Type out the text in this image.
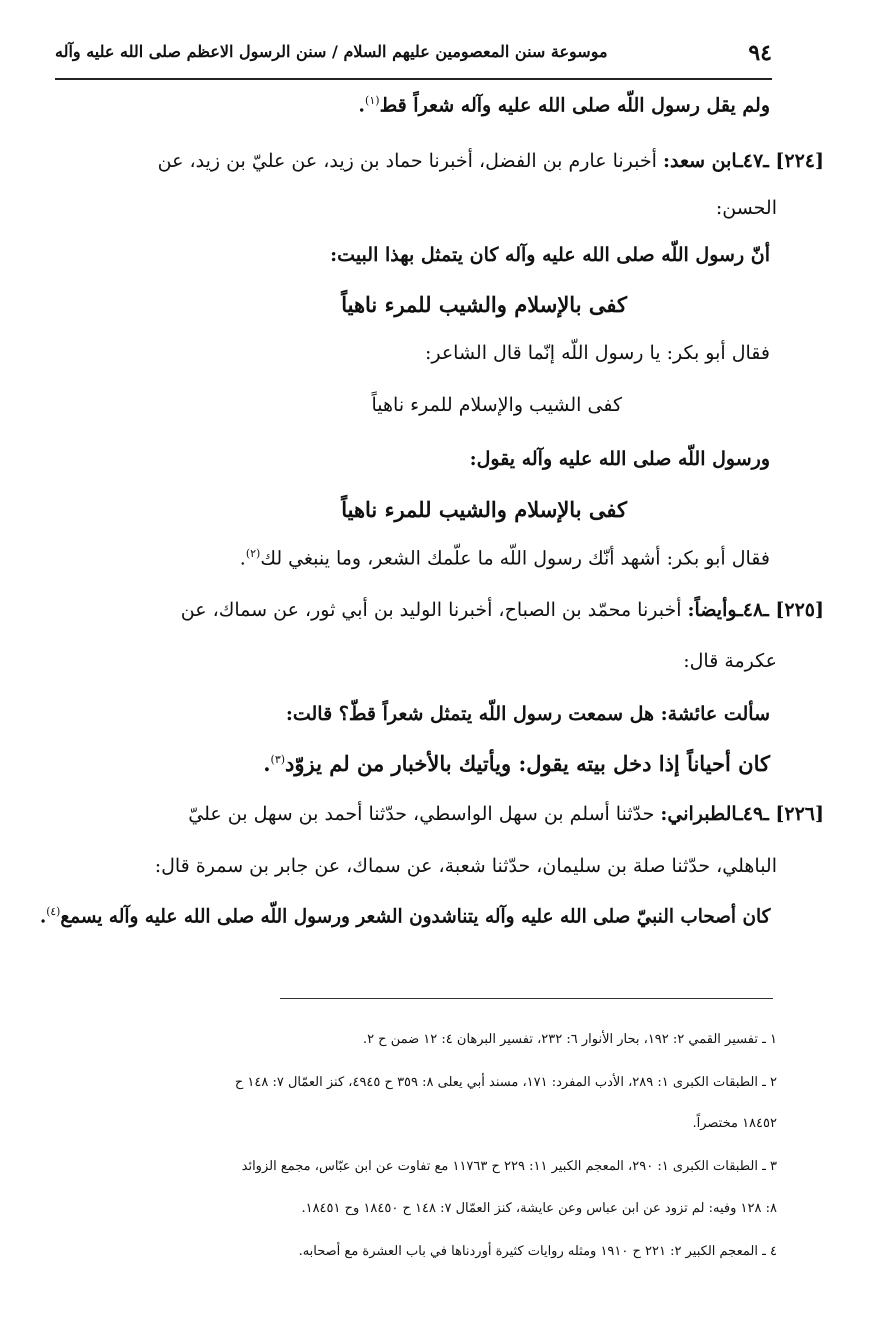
٩٤
موسوعة سنن المعصومين عليهم السلام / سنن الرسول الاعظم صلى الله عليه وآله
ولم يقل رسول اللّه صلى الله عليه وآله شعراً قط$^{(١)}$.
[٢٢٤] ـ٤٧ـابن سعد: أخبرنا عارم بن الفضل، أخبرنا حماد بن زيد، عن عليّ بن زيد، عن
الحسن:
أنّ رسول اللّه صلى الله عليه وآله كان يتمثل بهذا البيت:
كفى بالإسلام والشيب للمرء ناهياً
فقال أبو بكر: يا رسول اللّه إنّما قال الشاعر:
كفى الشيب والإسلام للمرء ناهياً
ورسول اللّه صلى الله عليه وآله يقول:
كفى بالإسلام والشيب للمرء ناهياً
فقال أبو بكر: أشهد أنّك رسول اللّه ما علّمك الشعر، وما ينبغي لك$^{(٢)}$.
[٢٢٥] ـ٤٨ـوأيضاً: أخبرنا محمّد بن الصباح، أخبرنا الوليد بن أبي ثور، عن سماك، عن
عكرمة قال:
سألت عائشة: هل سمعت رسول اللّه يتمثل شعراً قطّ؟ قالت:
كان أحياناً إذا دخل بيته يقول: ويأتيك بالأخبار من لم يزوّد$^{(٣)}$.
[٢٢٦] ـ٤٩ـالطبراني: حدّثنا أسلم بن سهل الواسطي، حدّثنا أحمد بن سهل بن عليّ
الباهلي، حدّثنا صلة بن سليمان، حدّثنا شعبة، عن سماك، عن جابر بن سمرة قال:
كان أصحاب النبيّ صلى الله عليه وآله يتناشدون الشعر ورسول اللّه صلى الله عليه وآله يسمع$^{(٤)}$.
١ ـ تفسير القمي ٢: ١٩٢، بحار الأنوار ٦: ٢٣٢، تفسير البرهان ٤: ١٢ ضمن ح ٢.
٢ ـ الطبقات الكبرى ١: ٢٨٩، الأدب المفرد: ١٧١، مسند أبي يعلى ٨: ٣٥٩ ح ٤٩٤٥، كنز العمّال ٧: ١٤٨ ح
١٨٤٥٢ مختصراً.
٣ ـ الطبقات الكبرى ١: ٢٩٠، المعجم الكبير ١١: ٢٢٩ ح ١١٧٦٣ مع تفاوت عن ابن عبّاس، مجمع الزوائد
٨: ١٢٨ وفيه: لم تزود عن ابن عباس وعن عايشة، كنز العمّال ٧: ١٤٨ ح ١٨٤٥٠ وح ١٨٤٥١.
٤ ـ المعجم الكبير ٢: ٢٢١ ح ١٩١٠ ومثله روايات كثيرة أوردناها في باب العشرة مع أصحابه.
